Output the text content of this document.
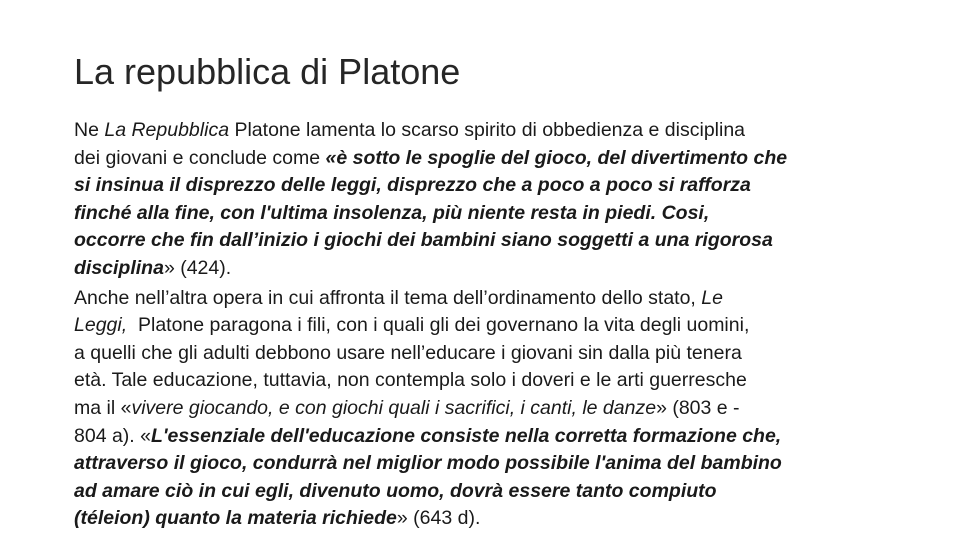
La repubblica di Platone

Ne La Repubblica Platone lamenta lo scarso spirito di obbedienza e disciplina
dei giovani e conclude come «è sotto le spoglie del gioco, del divertimento che
si insinua il disprezzo delle leggi, disprezzo che a poco a poco si rafforza
finché alla fine, con l'ultima insolenza, più niente resta in piedi. Cosi,
occorre che fin dall’inizio i giochi dei bambini siano soggetti a una rigorosa
disciplina» (424).

Anche nell’altra opera in cui affronta il tema dell’ordinamento dello stato, Le
Leggi,  Platone paragona i fili, con i quali gli dei governano la vita degli uomini,
a quelli che gli adulti debbono usare nell’educare i giovani sin dalla più tenera
età. Tale educazione, tuttavia, non contempla solo i doveri e le arti guerresche
ma il «vivere giocando, e con giochi quali i sacrifici, i canti, le danze» (803 e -
804 a). «L'essenziale dell'educazione consiste nella corretta formazione che,
attraverso il gioco, condurrà nel miglior modo possibile l'anima del bambino
ad amare ciò in cui egli, divenuto uomo, dovrà essere tanto compiuto
(téleion) quanto la materia richiede» (643 d).
